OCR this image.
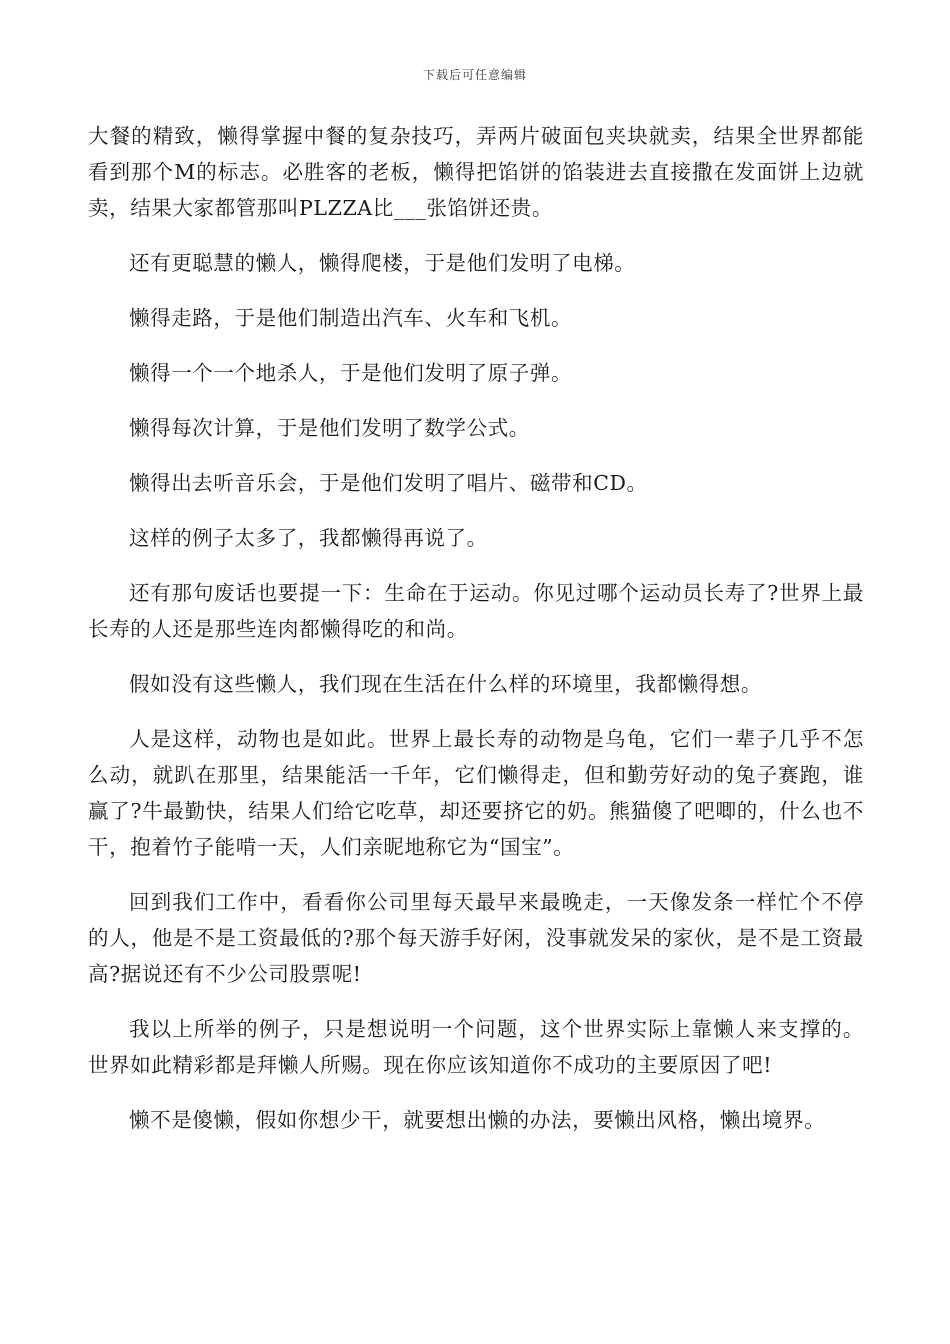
下载后可任意编辑

大餐的精致，懒得掌握中餐的复杂技巧，弄两片破面包夹块就卖，结果全世界都能看到那个M的标志。必胜客的老板，懒得把馅饼的馅装进去直接撒在发面饼上边就卖，结果大家都管那叫PLZZA比___张馅饼还贵。

还有更聪慧的懒人，懒得爬楼，于是他们发明了电梯。

懒得走路，于是他们制造出汽车、火车和飞机。

懒得一个一个地杀人，于是他们发明了原子弹。

懒得每次计算，于是他们发明了数学公式。

懒得出去听音乐会，于是他们发明了唱片、磁带和CD。

这样的例子太多了，我都懒得再说了。

还有那句废话也要提一下：生命在于运动。你见过哪个运动员长寿了?世界上最长寿的人还是那些连肉都懒得吃的和尚。

假如没有这些懒人，我们现在生活在什么样的环境里，我都懒得想。

人是这样，动物也是如此。世界上最长寿的动物是乌龟，它们一辈子几乎不怎么动，就趴在那里，结果能活一千年，它们懒得走，但和勤劳好动的兔子赛跑，谁赢了?牛最勤快，结果人们给它吃草，却还要挤它的奶。熊猫傻了吧唧的，什么也不干，抱着竹子能啃一天，人们亲昵地称它为“国宝”。

回到我们工作中，看看你公司里每天最早来最晚走，一天像发条一样忙个不停的人，他是不是工资最低的?那个每天游手好闲，没事就发呆的家伙，是不是工资最高?据说还有不少公司股票呢!

我以上所举的例子，只是想说明一个问题，这个世界实际上靠懒人来支撑的。世界如此精彩都是拜懒人所赐。现在你应该知道你不成功的主要原因了吧!

懒不是傻懒，假如你想少干，就要想出懒的办法，要懒出风格，懒出境界。
